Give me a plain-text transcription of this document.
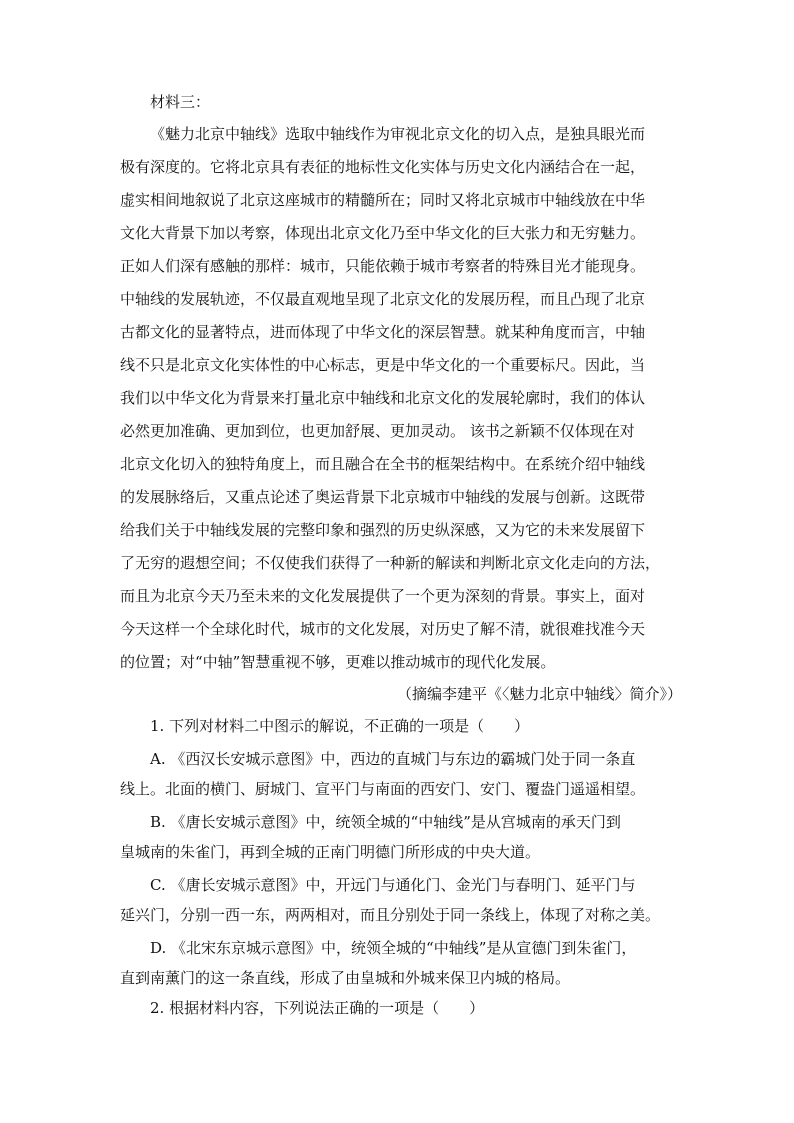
材料三：
《魅力北京中轴线》选取中轴线作为审视北京文化的切入点，是独具眼光而
极有深度的。它将北京具有表征的地标性文化实体与历史文化内涵结合在一起，
虚实相间地叙说了北京这座城市的精髓所在；同时又将北京城市中轴线放在中华
文化大背景下加以考察，体现出北京文化乃至中华文化的巨大张力和无穷魅力。
正如人们深有感触的那样：城市，只能依赖于城市考察者的特殊目光才能现身。
中轴线的发展轨迹，不仅最直观地呈现了北京文化的发展历程，而且凸现了北京
古都文化的显著特点，进而体现了中华文化的深层智慧。就某种角度而言，中轴
线不只是北京文化实体性的中心标志，更是中华文化的一个重要标尺。因此，当
我们以中华文化为背景来打量北京中轴线和北京文化的发展轮廓时，我们的体认
必然更加准确、更加到位，也更加舒展、更加灵动。 该书之新颖不仅体现在对
北京文化切入的独特角度上，而且融合在全书的框架结构中。在系统介绍中轴线
的发展脉络后，又重点论述了奥运背景下北京城市中轴线的发展与创新。这既带
给我们关于中轴线发展的完整印象和强烈的历史纵深感，又为它的未来发展留下
了无穷的遐想空间；不仅使我们获得了一种新的解读和判断北京文化走向的方法，
而且为北京今天乃至未来的文化发展提供了一个更为深刻的背景。事实上，面对
今天这样一个全球化时代，城市的文化发展，对历史了解不清，就很难找准今天
的位置；对“中轴”智慧重视不够，更难以推动城市的现代化发展。
（摘编李建平《〈魅力北京中轴线〉简介》）
1. 下列对材料二中图示的解说，不正确的一项是（　　）
A. 《西汉长安城示意图》中，西边的直城门与东边的霸城门处于同一条直
线上。北面的横门、厨城门、宣平门与南面的西安门、安门、覆盎门遥遥相望。
B. 《唐长安城示意图》中，统领全城的“中轴线”是从宫城南的承天门到
皇城南的朱雀门，再到全城的正南门明德门所形成的中央大道。
C. 《唐长安城示意图》中，开远门与通化门、金光门与春明门、延平门与
延兴门，分别一西一东，两两相对，而且分别处于同一条线上，体现了对称之美。
D. 《北宋东京城示意图》中，统领全城的“中轴线”是从宣德门到朱雀门，
直到南薰门的这一条直线，形成了由皇城和外城来保卫内城的格局。
2. 根据材料内容，下列说法正确的一项是（　　）
